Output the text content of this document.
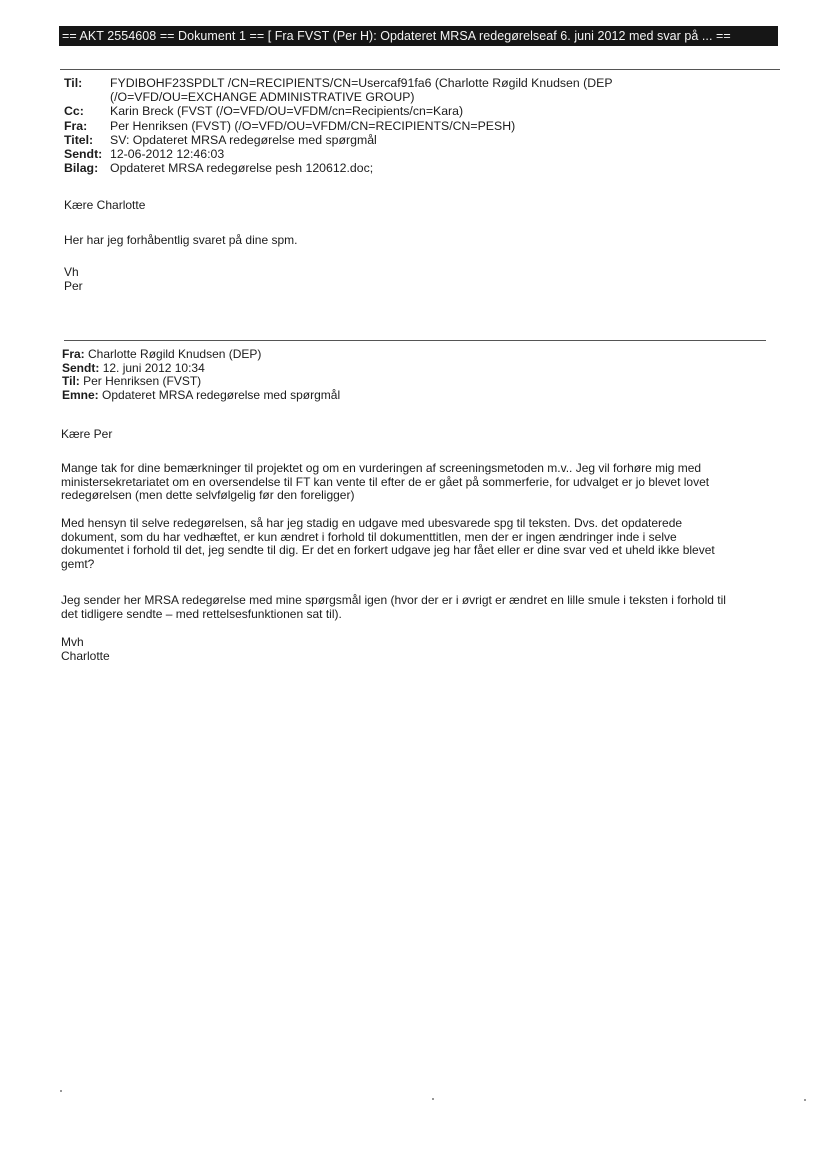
== AKT 2554608 == Dokument 1 == [ Fra FVST (Per H): Opdateret MRSA redegørelseaf 6. juni 2012 med svar på ... ==
Til:	FYDIBOHF23SPDLT /CN=RECIPIENTS/CN=Usercaf91fa6 (Charlotte Røgild Knudsen (DEP
(/O=VFD/OU=EXCHANGE ADMINISTRATIVE GROUP)
Cc:	Karin Breck (FVST (/O=VFD/OU=VFDM/cn=Recipients/cn=Kara)
Fra:	Per Henriksen (FVST) (/O=VFD/OU=VFDM/CN=RECIPIENTS/CN=PESH)
Titel:	SV: Opdateret MRSA redegørelse med spørgmål
Sendt: 12-06-2012 12:46:03
Bilag: Opdateret MRSA redegørelse pesh 120612.doc;
Kære Charlotte
Her har jeg forhåbentlig svaret på dine spm.
Vh
Per
Fra: Charlotte Røgild Knudsen (DEP)
Sendt: 12. juni 2012 10:34
Til: Per Henriksen (FVST)
Emne: Opdateret MRSA redegørelse med spørgmål
Kære Per
Mange tak for dine bemærkninger til projektet og om en vurderingen af screeningsmetoden m.v.. Jeg vil forhøre mig med
ministersekretariatet om en oversendelse til FT kan vente til efter de er gået på sommerferie, for udvalget er jo blevet lovet
redegørelsen (men dette selvfølgelig før den foreligger)
Med hensyn til selve redegørelsen, så har jeg stadig en udgave med ubesvarede spg til teksten. Dvs. det opdaterede
dokument, som du har vedhæftet, er kun ændret i forhold til dokumenttitlen, men der er ingen ændringer inde i selve
dokumentet i forhold til det, jeg sendte til dig. Er det en forkert udgave jeg har fået eller er dine svar ved et uheld ikke blevet
gemt?
Jeg sender her MRSA redegørelse med mine spørgsmål igen (hvor der er i øvrigt er ændret en lille smule i teksten i forhold til
det tidligere sendte – med rettelsesfunktionen sat til).
Mvh
Charlotte
